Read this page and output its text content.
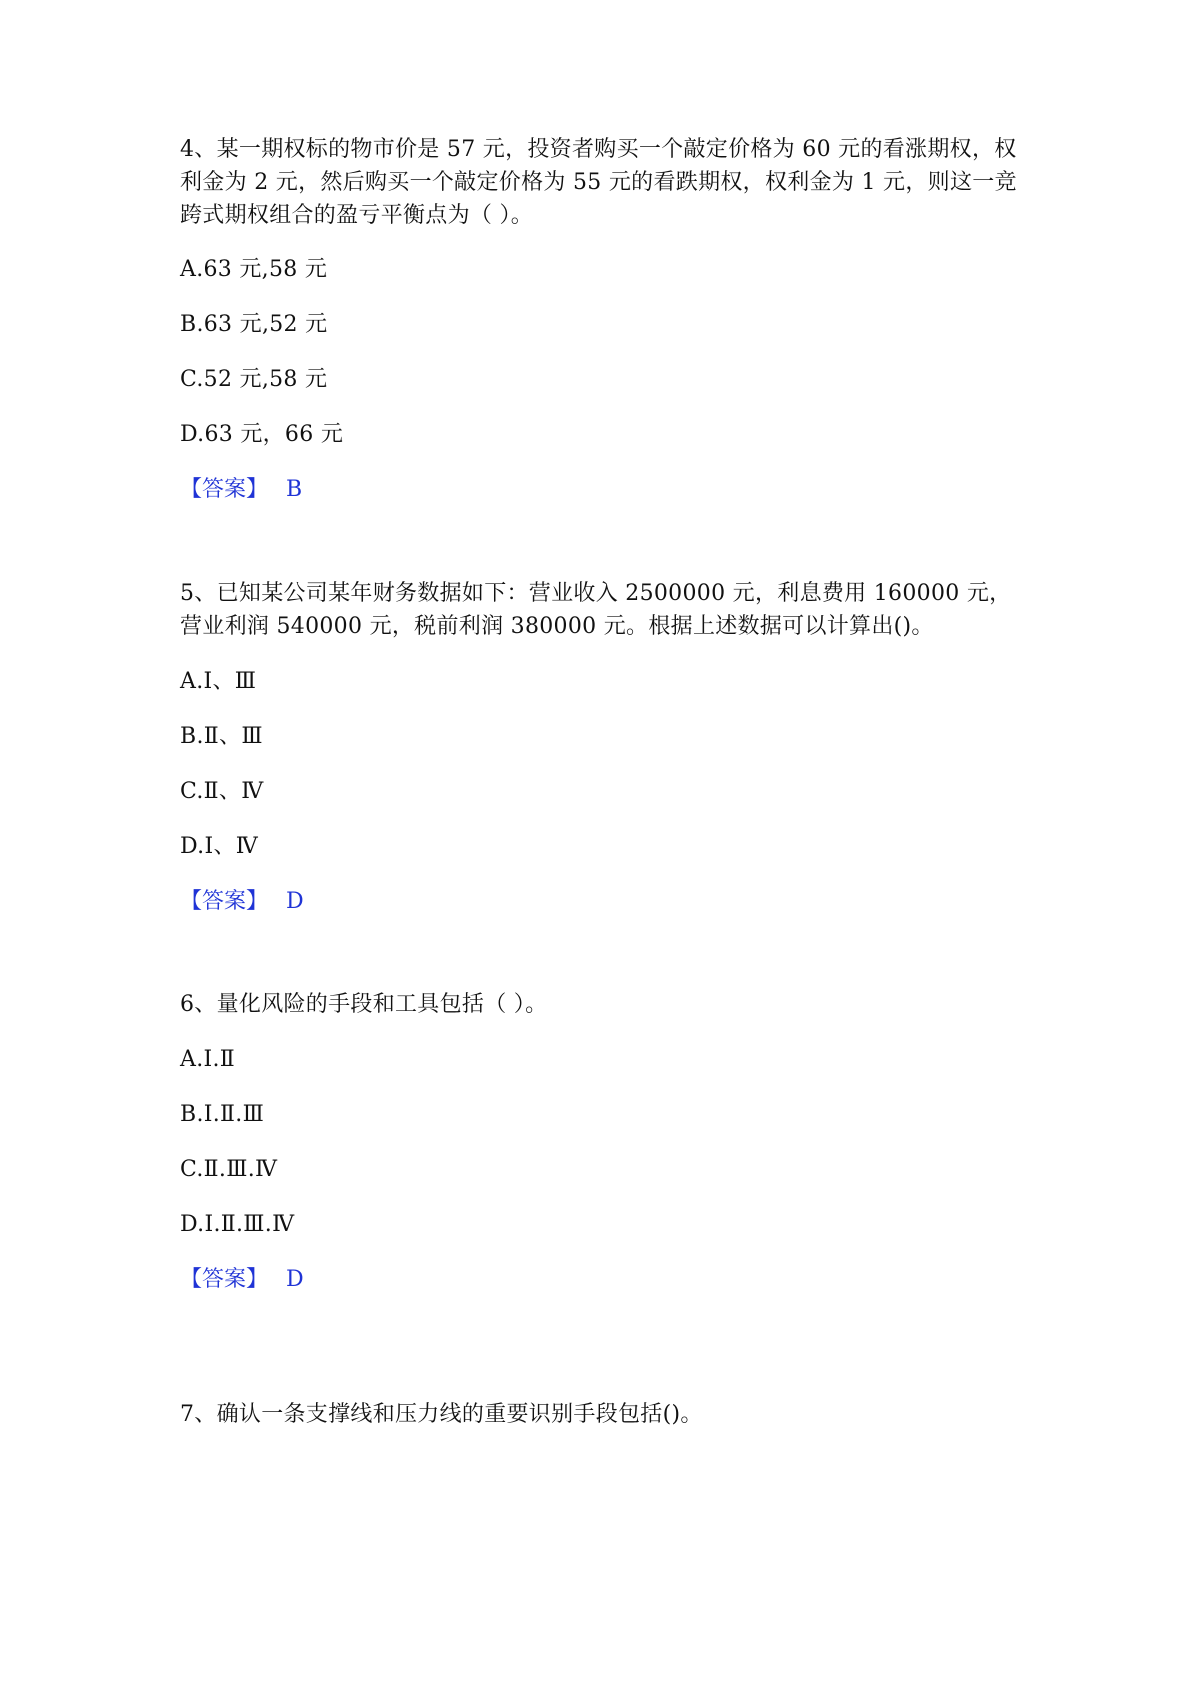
4、某一期权标的物市价是 57 元，投资者购买一个敲定价格为 60 元的看涨期权，权利金为 2 元，然后购买一个敲定价格为 55 元的看跌期权，权利金为 1 元，则这一竞跨式期权组合的盈亏平衡点为（ ）。

A.63 元,58 元

B.63 元,52 元

C.52 元,58 元

D.63 元，66 元

【答案】 B

5、已知某公司某年财务数据如下：营业收入 2500000 元，利息费用 160000 元，营业利润 540000 元，税前利润 380000 元。根据上述数据可以计算出()。

A.Ⅰ、Ⅲ

B.Ⅱ、Ⅲ

C.Ⅱ、Ⅳ

D.Ⅰ、Ⅳ

【答案】 D

6、量化风险的手段和工具包括（ ）。

A.Ⅰ.Ⅱ

B.Ⅰ.Ⅱ.Ⅲ

C.Ⅱ.Ⅲ.Ⅳ

D.Ⅰ.Ⅱ.Ⅲ.Ⅳ

【答案】 D

7、确认一条支撑线和压力线的重要识别手段包括()。
